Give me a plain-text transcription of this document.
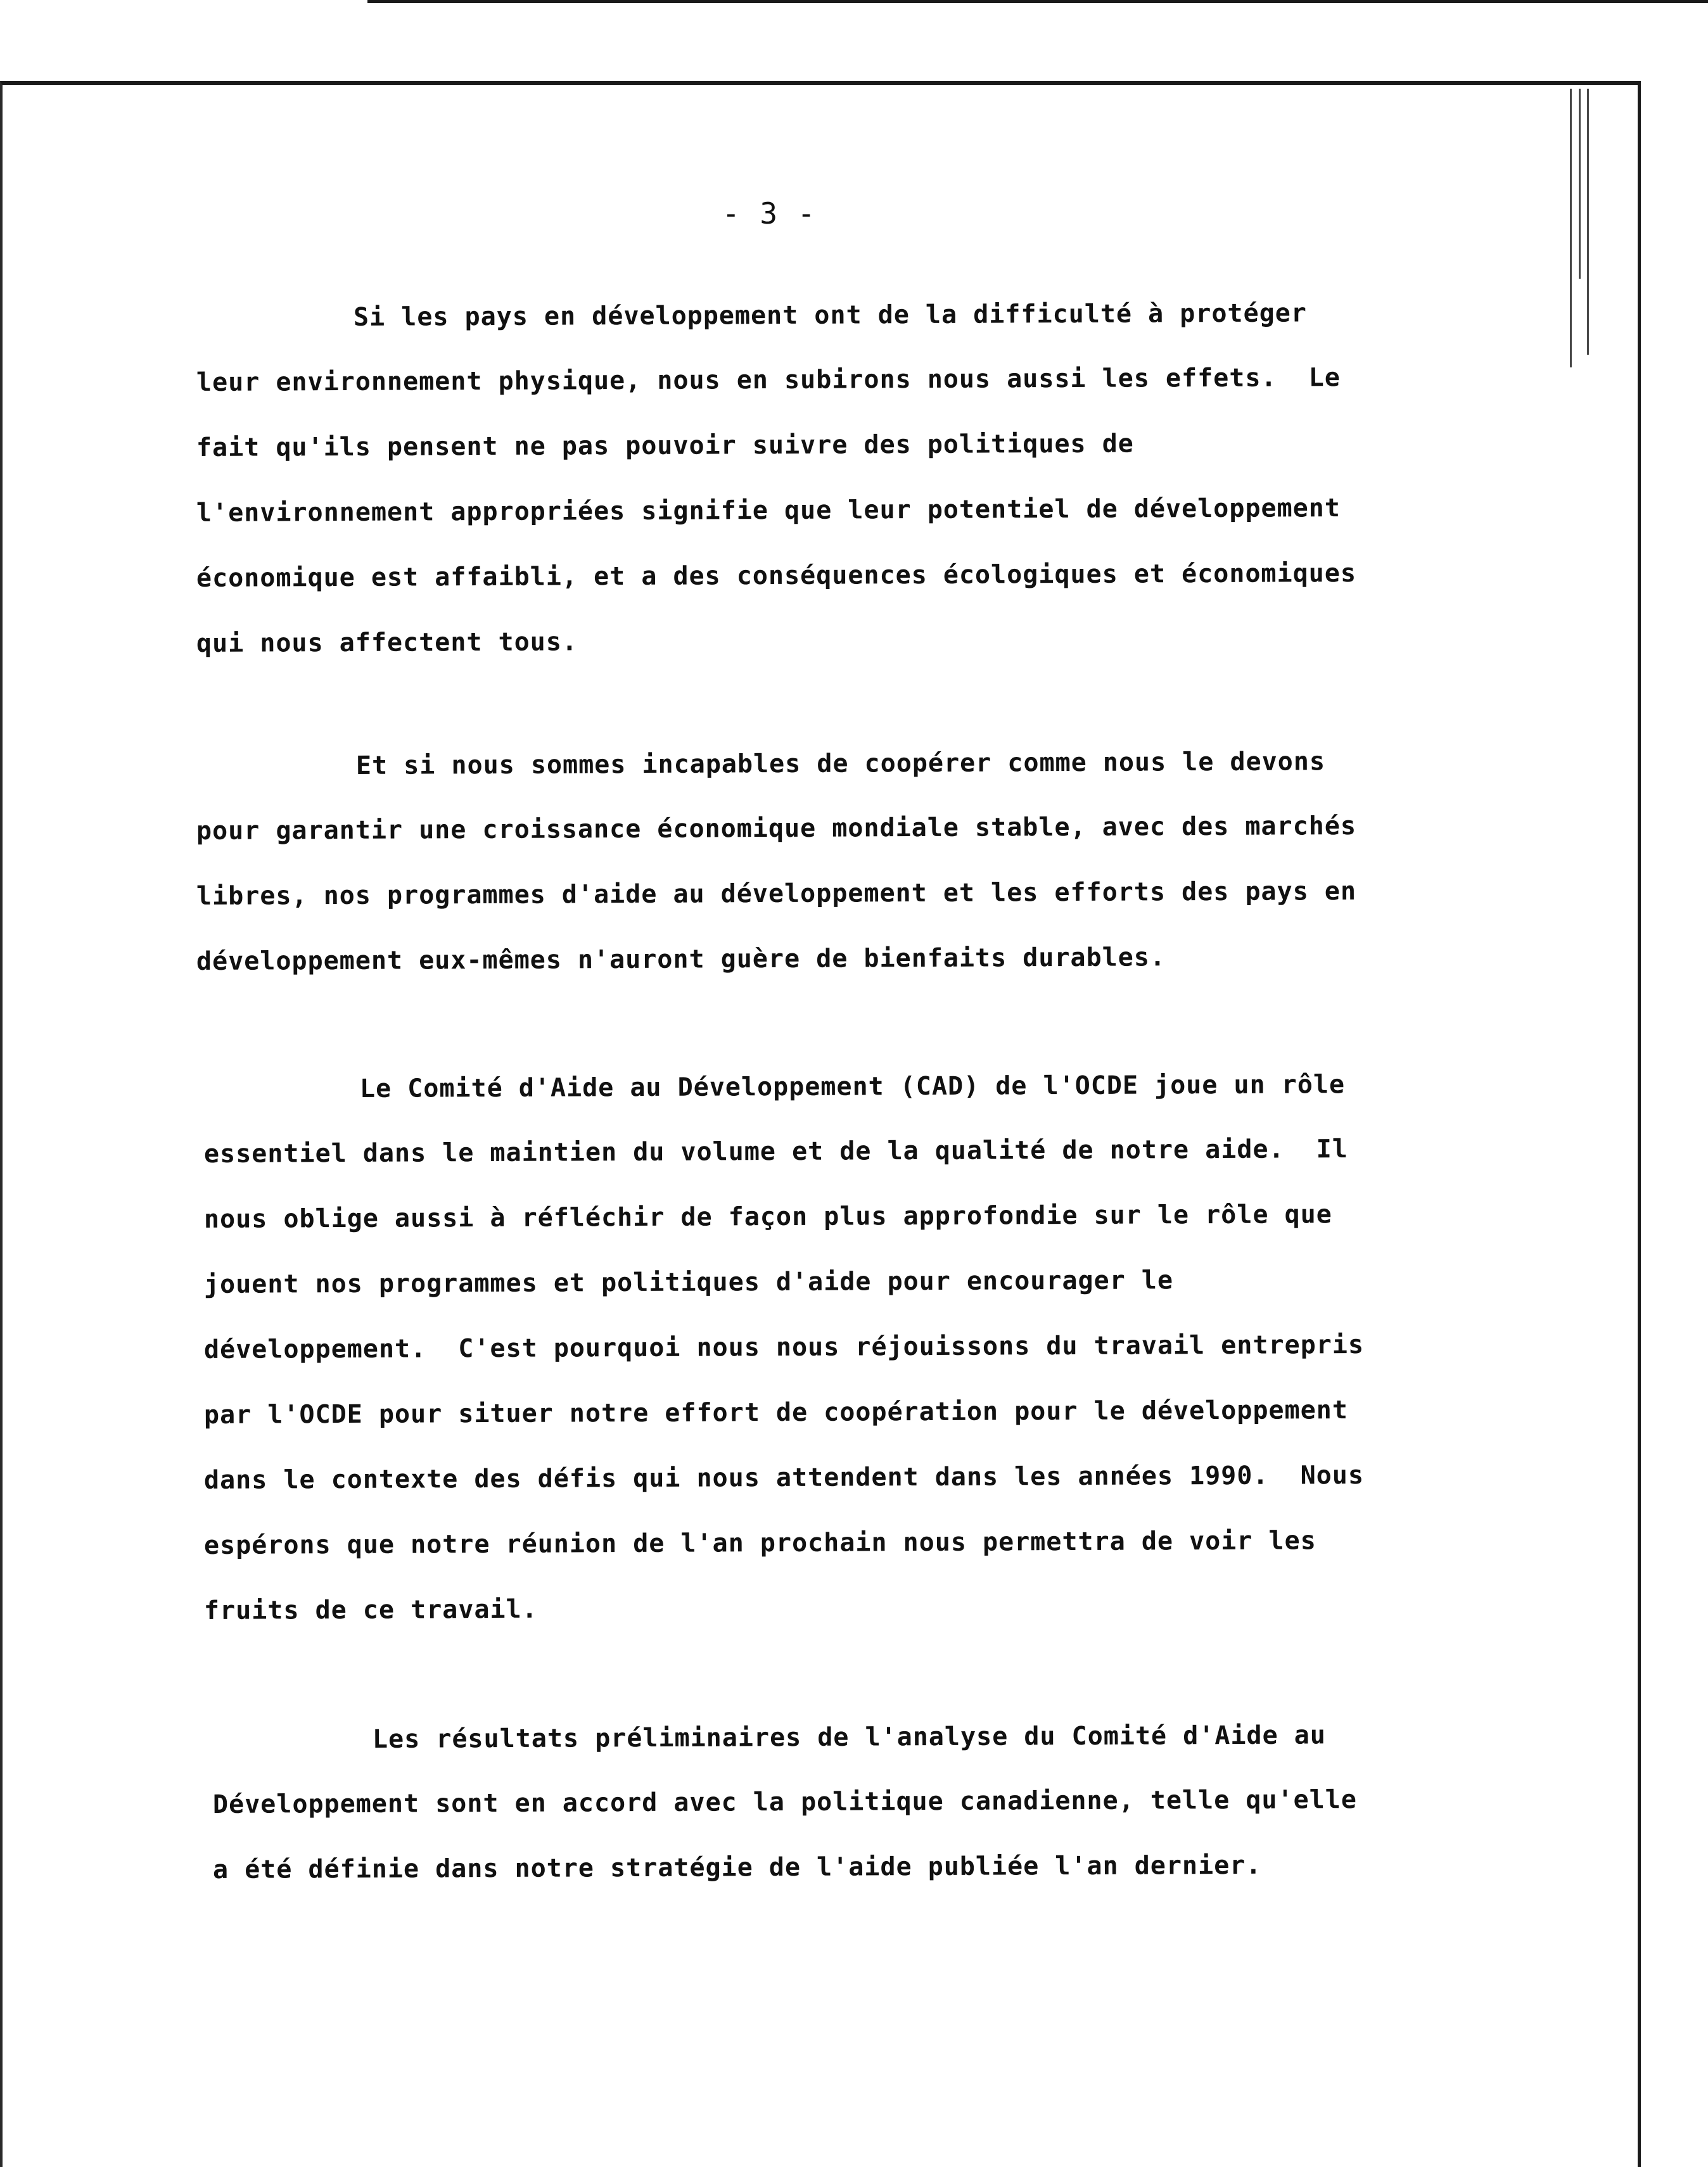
- 3 -
Si les pays en développement ont de la difficulté à protéger
leur environnement physique, nous en subirons nous aussi les effets.  Le
fait qu'ils pensent ne pas pouvoir suivre des politiques de
l'environnement appropriées signifie que leur potentiel de développement
économique est affaibli, et a des conséquences écologiques et économiques
qui nous affectent tous.
Et si nous sommes incapables de coopérer comme nous le devons
pour garantir une croissance économique mondiale stable, avec des marchés
libres, nos programmes d'aide au développement et les efforts des pays en
développement eux-mêmes n'auront guère de bienfaits durables.
Le Comité d'Aide au Développement (CAD) de l'OCDE joue un rôle
essentiel dans le maintien du volume et de la qualité de notre aide.  Il
nous oblige aussi à réfléchir de façon plus approfondie sur le rôle que
jouent nos programmes et politiques d'aide pour encourager le
développement.  C'est pourquoi nous nous réjouissons du travail entrepris
par l'OCDE pour situer notre effort de coopération pour le développement
dans le contexte des défis qui nous attendent dans les années 1990.  Nous
espérons que notre réunion de l'an prochain nous permettra de voir les
fruits de ce travail.
Les résultats préliminaires de l'analyse du Comité d'Aide au
Développement sont en accord avec la politique canadienne, telle qu'elle
a été définie dans notre stratégie de l'aide publiée l'an dernier.
